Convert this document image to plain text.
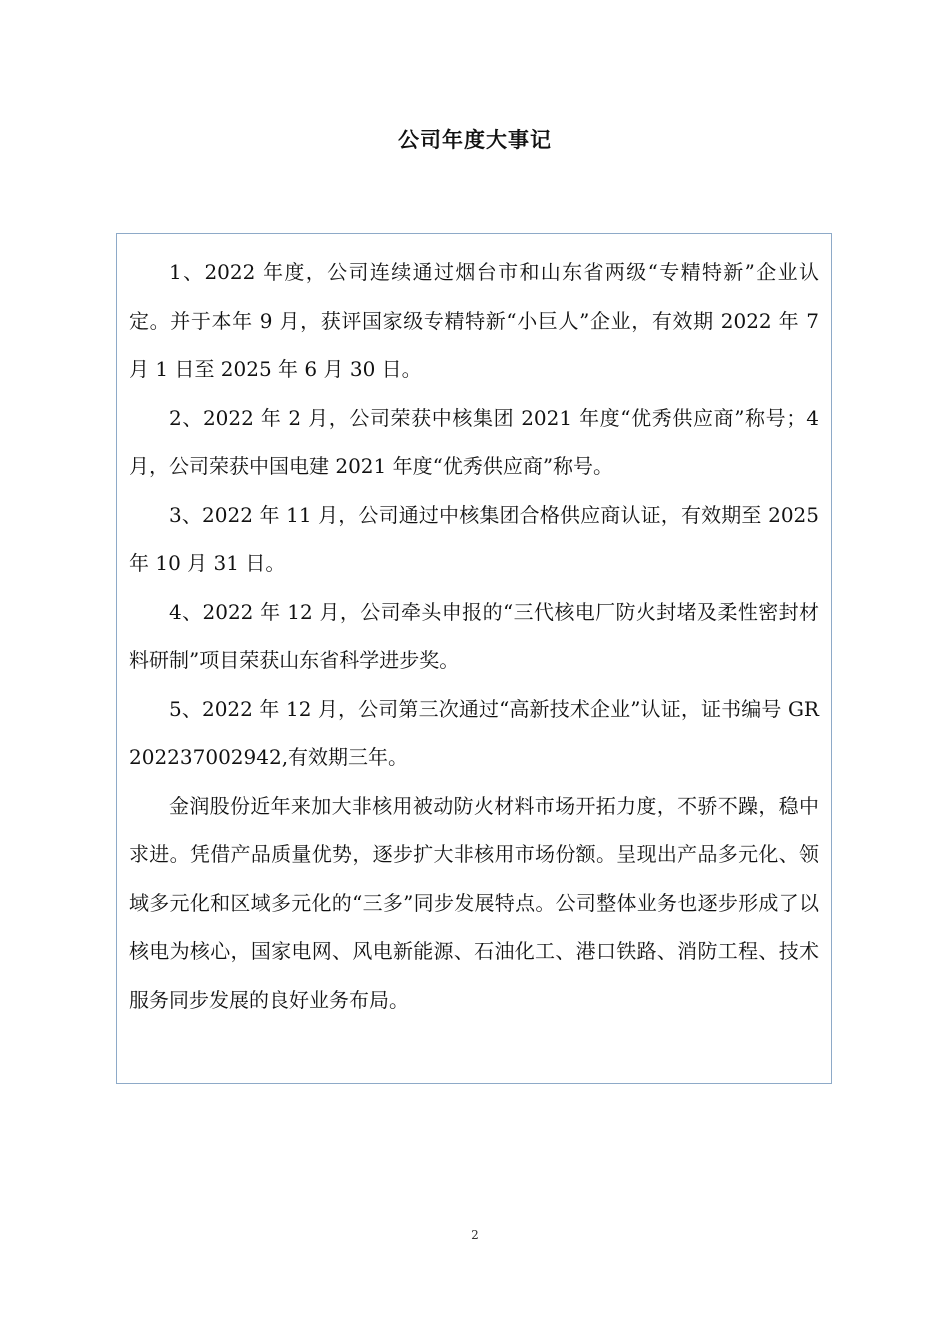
公司年度大事记

1、2022 年度，公司连续通过烟台市和山东省两级“专精特新”企业认定。并于本年 9 月，获评国家级专精特新“小巨人”企业，有效期 2022 年 7 月 1 日至 2025 年 6 月 30 日。

2、2022 年 2 月，公司荣获中核集团 2021 年度“优秀供应商”称号；4 月，公司荣获中国电建 2021 年度“优秀供应商”称号。

3、2022 年 11 月，公司通过中核集团合格供应商认证，有效期至 2025 年 10 月 31 日。

4、2022 年 12 月，公司牵头申报的“三代核电厂防火封堵及柔性密封材料研制”项目荣获山东省科学进步奖。

5、2022 年 12 月，公司第三次通过“高新技术企业”认证，证书编号 GR202237002942,有效期三年。

金润股份近年来加大非核用被动防火材料市场开拓力度，不骄不躁，稳中求进。凭借产品质量优势，逐步扩大非核用市场份额。呈现出产品多元化、领域多元化和区域多元化的“三多”同步发展特点。公司整体业务也逐步形成了以核电为核心，国家电网、风电新能源、石油化工、港口铁路、消防工程、技术服务同步发展的良好业务布局。

2
